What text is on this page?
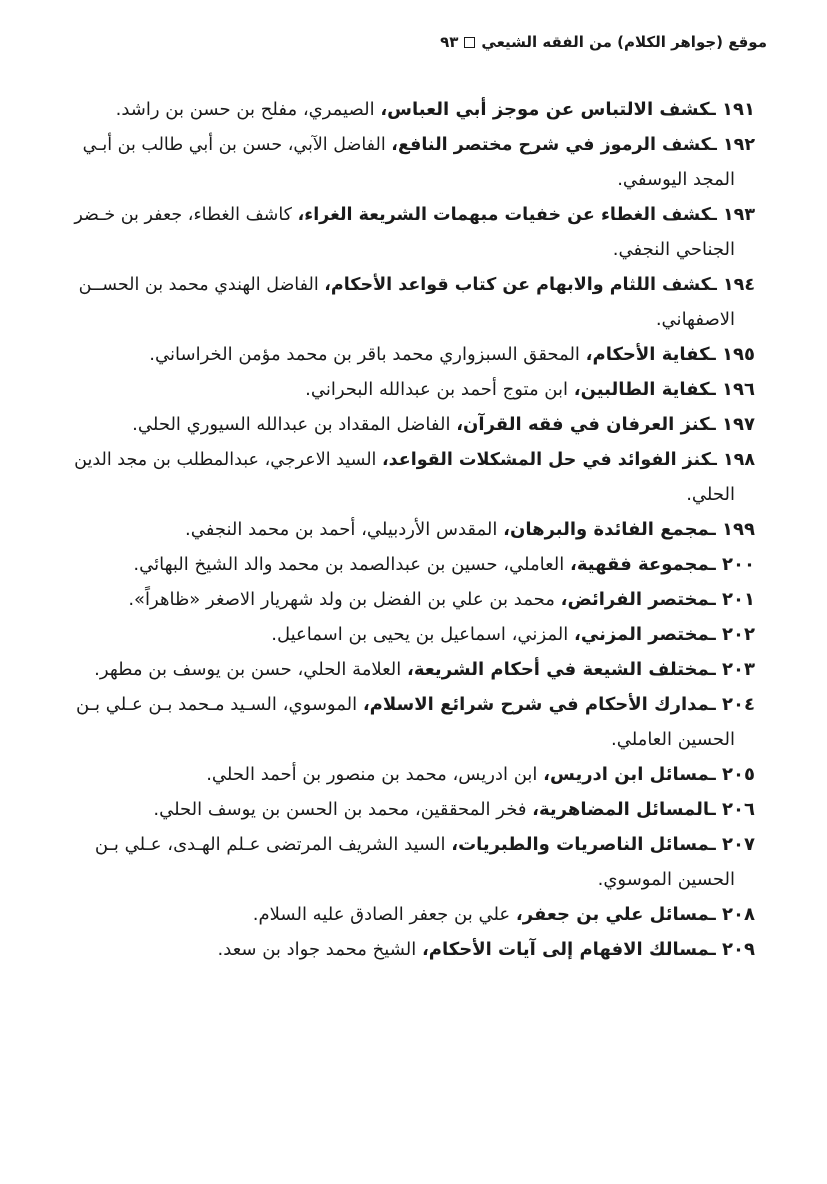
موقع (جواهر الكلام) من الفقه الشيعي٩٣
١٩١ ـكشف الالتباس عن موجز أبي العباس، الصيمري، مفلح بن حسن بن راشد.
١٩٢ ـكشف الرموز في شرح مختصر النافع، الفاضل الآبي، حسن بن أبي طالب بن أبـي
المجد اليوسفي.
١٩٣ ـكشف الغطاء عن خفيات مبهمات الشريعة الغراء، كاشف الغطاء، جعفر بن خـضر
الجناحي النجفي.
١٩٤ ـكشف اللثام والابهام عن كتاب قواعد الأحكام، الفاضل الهندي محمد بن الحســن
الاصفهاني.
١٩٥ ـكفاية الأحكام، المحقق السبزواري محمد باقر بن محمد مؤمن الخراساني.
١٩٦ ـكفاية الطالبين، ابن متوج أحمد بن عبدالله البحراني.
١٩٧ ـكنز العرفان في فقه القرآن، الفاضل المقداد بن عبدالله السيوري الحلي.
١٩٨ ـكنز الفوائد في حل المشكلات القواعد، السيد الاعرجي، عبدالمطلب بن مجد الدين
الحلي.
١٩٩ ـمجمع الفائدة والبرهان، المقدس الأردبيلي، أحمد بن محمد النجفي.
٢٠٠ ـمجموعة فقهية، العاملي، حسين بن عبدالصمد بن محمد والد الشيخ البهائي.
٢٠١ ـمختصر الفرائض، محمد بن علي بن الفضل بن ولد شهريار الاصغر «ظاهراً».
٢٠٢ ـمختصر المزني، المزني، اسماعيل بن يحيى بن اسماعيل.
٢٠٣ ـمختلف الشيعة في أحكام الشريعة، العلامة الحلي، حسن بن يوسف بن مطهر.
٢٠٤ ـمدارك الأحكام في شرح شرائع الاسلام، الموسوي، السـيد مـحمد بـن عـلي بـن
الحسين العاملي.
٢٠٥ ـمسائل ابن ادريس، ابن ادريس، محمد بن منصور بن أحمد الحلي.
٢٠٦ ـالمسائل المضاهرية، فخر المحققين، محمد بن الحسن بن يوسف الحلي.
٢٠٧ ـمسائل الناصريات والطبريات، السيد الشريف المرتضى عـلم الهـدى، عـلي بـن
الحسين الموسوي.
٢٠٨ ـمسائل علي بن جعفر، علي بن جعفر الصادق عليه السلام.
٢٠٩ ـمسالك الافهام إلى آيات الأحكام، الشيخ محمد جواد بن سعد.
